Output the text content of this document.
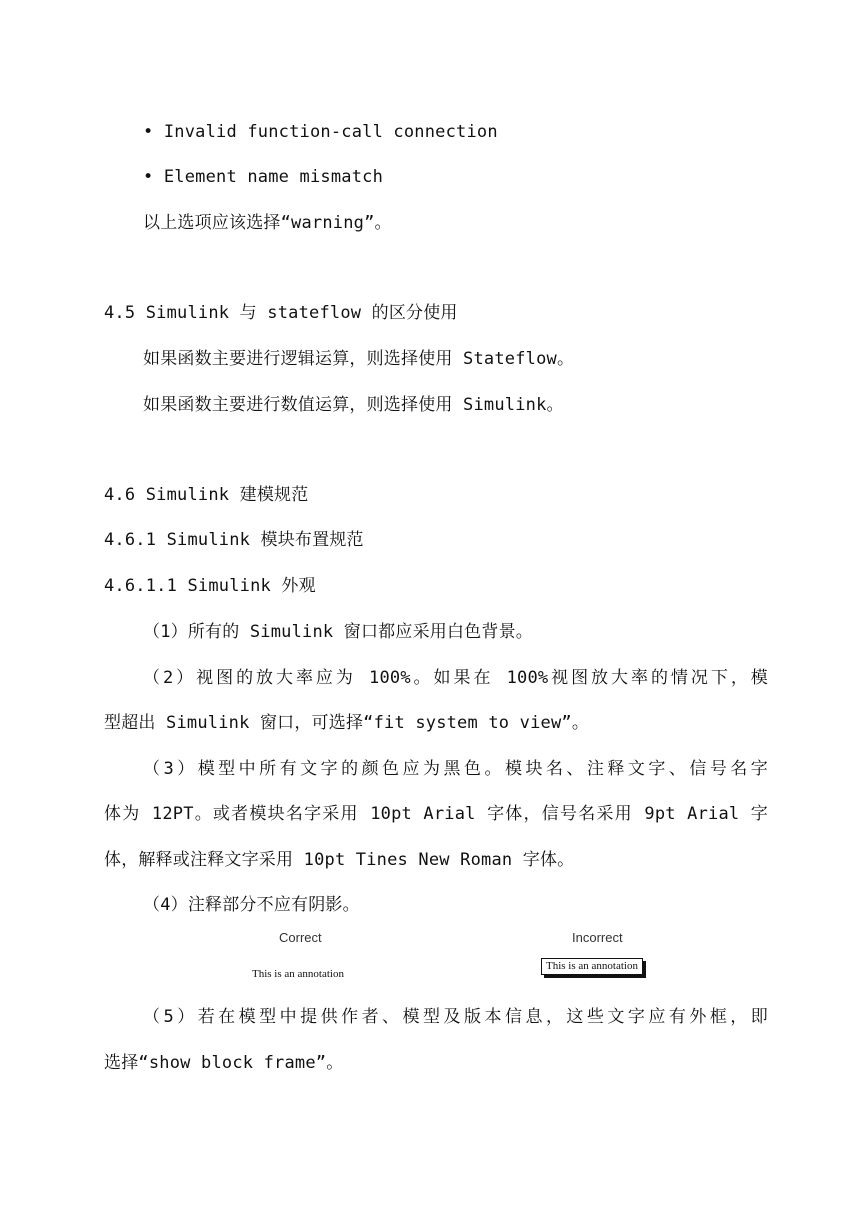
• Invalid function-call connection
• Element name mismatch
以上选项应该选择“warning”。
4.5 Simulink 与 stateflow 的区分使用
如果函数主要进行逻辑运算，则选择使用 Stateflow。
如果函数主要进行数值运算，则选择使用 Simulink。
4.6 Simulink 建模规范
4.6.1 Simulink 模块布置规范
4.6.1.1 Simulink 外观
（1）所有的 Simulink 窗口都应采用白色背景。
（2）视图的放大率应为 100%。如果在 100%视图放大率的情况下，模
型超出 Simulink 窗口，可选择“fit system to view”。
（3）模型中所有文字的颜色应为黑色。模块名、注释文字、信号名字
体为 12PT。或者模块名字采用 10pt Arial 字体，信号名采用 9pt Arial 字
体，解释或注释文字采用 10pt Tines New Roman 字体。
（4）注释部分不应有阴影。
Correct	Incorrect
This is an annotation
This is an annotation
（5）若在模型中提供作者、模型及版本信息，这些文字应有外框，即
选择“show block frame”。
